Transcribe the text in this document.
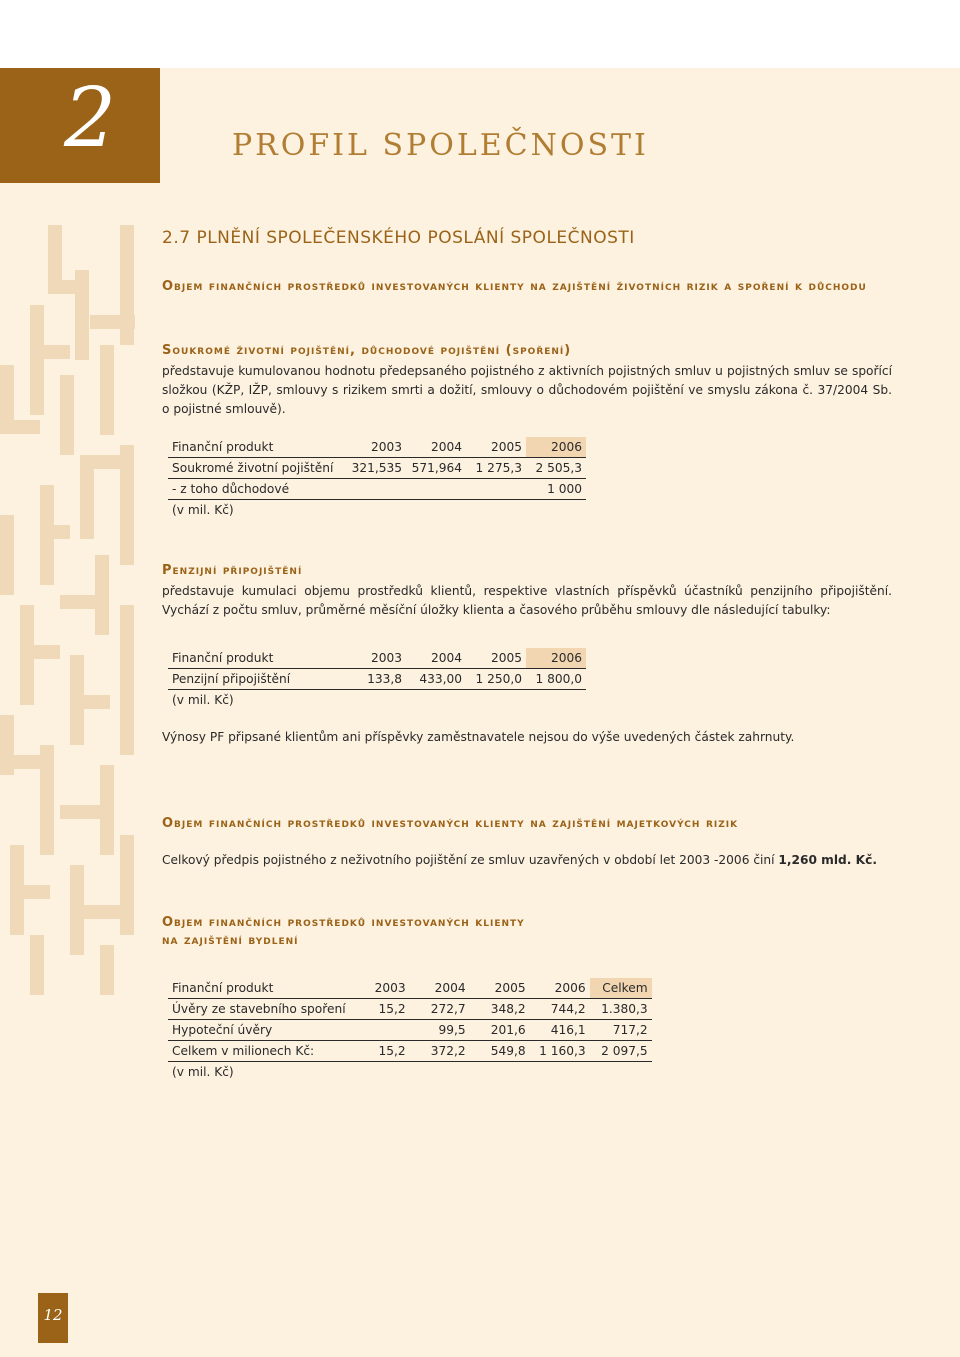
2	PROFIL SPOLEČNOSTI
2.7 PLNĚNÍ SPOLEČENSKÉHO POSLÁNÍ SPOLEČNOSTI
Objem finančních prostředků investovaných klienty na zajištění životních rizik a spoření k důchodu
Soukromé životní pojištění, důchodové pojištění (spoření)

představuje kumulovanou hodnotu předepsaného pojistného z aktivních pojistných smluv u pojistných smluv se spořící složkou (KŽP, IŽP, smlouvy s rizikem smrti a dožití, smlouvy o důchodovém pojištění ve smyslu zákona č. 37/2004 Sb. o pojistné smlouvě).

Finanční produkt	2003	2004	2005	2006
Soukromé životní pojištění	321,535	571,964	1 275,3	2 505,3
- z toho důchodové				1 000
(v mil. Kč)
Penzijní připojištění

představuje kumulaci objemu prostředků klientů, respektive vlastních příspěvků účastníků penzijního připojištění. Vychází z počtu smluv, průměrné měsíční úložky klienta a časového průběhu smlouvy dle následující tabulky:

Finanční produkt	2003	2004	2005	2006
Penzijní připojištění	133,8	433,00	1 250,0	1 800,0
(v mil. Kč)

Výnosy PF připsané klientům ani příspěvky zaměstnavatele nejsou do výše uvedených částek zahrnuty.

Objem finančních prostředků investovaných klienty na zajištění majetkových rizik

Celkový předpis pojistného z neživotního pojištění ze smluv uzavřených v období let 2003 -2006 činí 1,260 mld. Kč.

Objem finančních prostředků investovaných klienty
na zajištění bydlení
Finanční produkt	2003	2004	2005	2006	Celkem
Úvěry ze stavebního spoření	15,2	272,7	348,2	744,2	1.380,3
Hypoteční úvěry		99,5	201,6	416,1	717,2
Celkem v milionech Kč:	15,2	372,2	549,8	1 160,3	2 097,5
(v mil. Kč)
12
